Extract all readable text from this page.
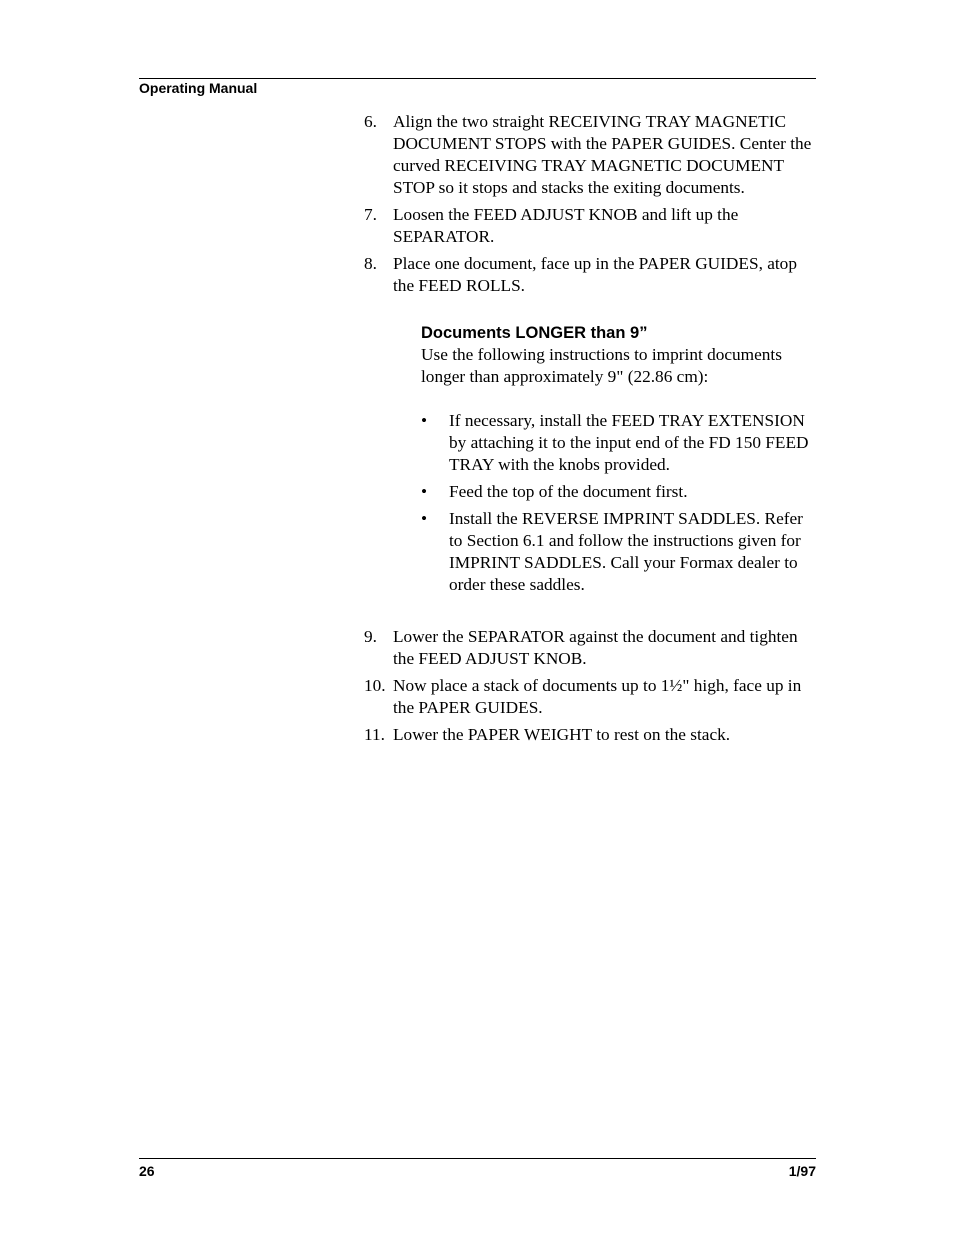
Operating Manual
6. Align the two straight RECEIVING TRAY MAGNETIC DOCUMENT STOPS with the PAPER GUIDES. Center the curved RECEIVING TRAY MAGNETIC DOCUMENT STOP so it stops and stacks the exiting documents.
7. Loosen the FEED ADJUST KNOB and lift up the SEPARATOR.
8. Place one document, face up in the PAPER GUIDES, atop the FEED ROLLS.
Documents LONGER than 9”
Use the following instructions to imprint documents longer than approximately 9" (22.86 cm):
• If necessary, install the FEED TRAY EXTENSION by attaching it to the input end of the FD 150 FEED TRAY with the knobs provided.
• Feed the top of the document first.
• Install the REVERSE IMPRINT SADDLES. Refer to Section 6.1 and follow the instructions given for IMPRINT SADDLES. Call your Formax dealer to order these saddles.
9. Lower the SEPARATOR against the document and tighten the FEED ADJUST KNOB.
10. Now place a stack of documents up to 1½" high, face up in the PAPER GUIDES.
11. Lower the PAPER WEIGHT to rest on the stack.
26	1/97
